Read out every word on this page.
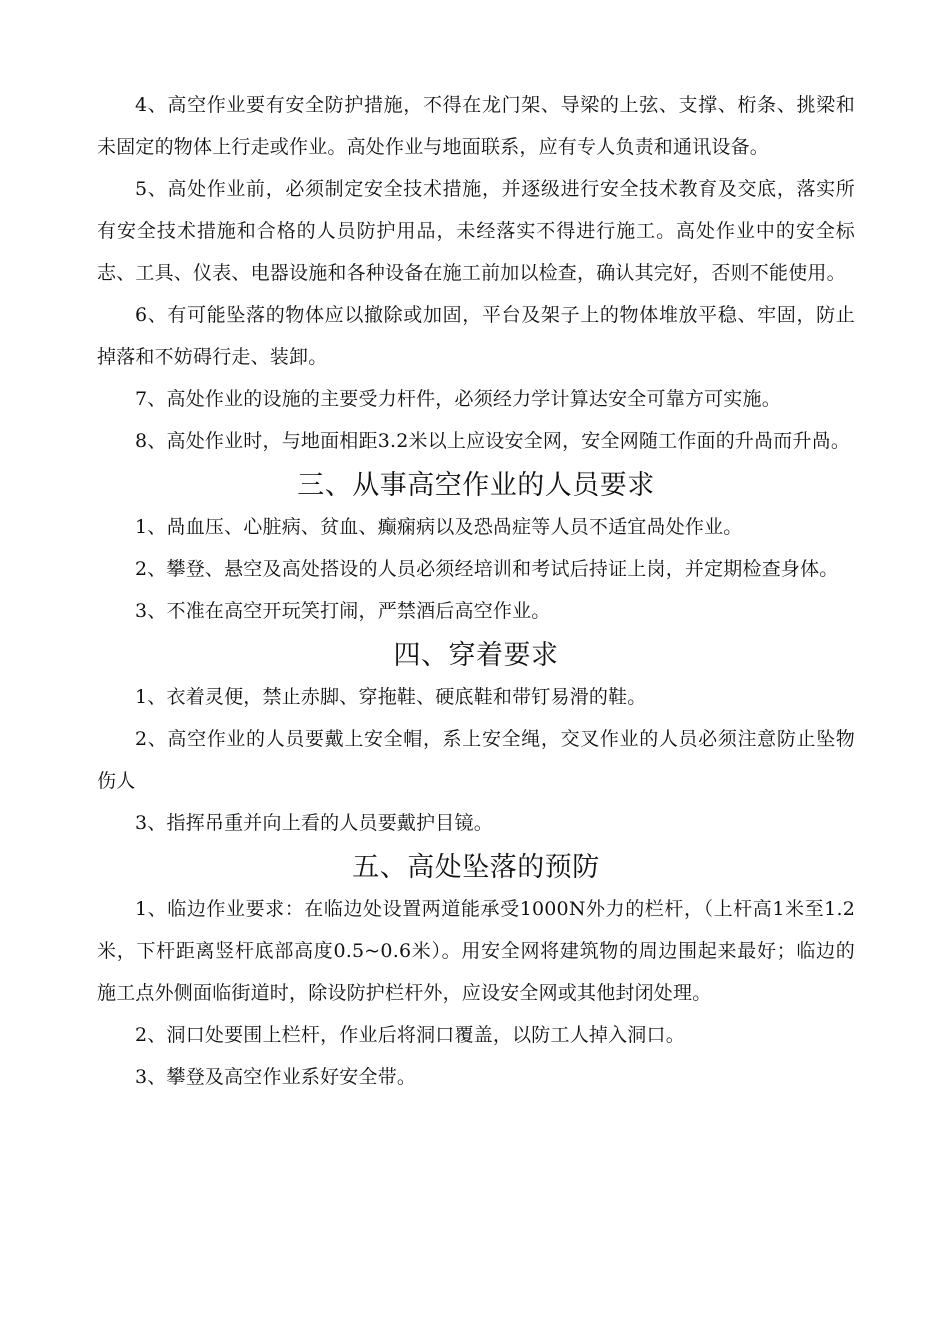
4、高空作业要有安全防护措施，不得在龙门架、导梁的上弦、支撑、桁条、挑梁和未固定的物体上行走或作业。高处作业与地面联系，应有专人负责和通讯设备。

5、高处作业前，必须制定安全技术措施，并逐级进行安全技术教育及交底，落实所有安全技术措施和合格的人员防护用品，未经落实不得进行施工。高处作业中的安全标志、工具、仪表、电器设施和各种设备在施工前加以检查，确认其完好，否则不能使用。

6、有可能坠落的物体应以撤除或加固，平台及架子上的物体堆放平稳、牢固，防止掉落和不妨碍行走、装卸。

7、高处作业的设施的主要受力杆件，必须经力学计算达安全可靠方可实施。

8、高处作业时，与地面相距3.2米以上应设安全网，安全网随工作面的升咼而升咼。

三、从事高空作业的人员要求

1、咼血压、心脏病、贫血、癫痫病以及恐咼症等人员不适宜咼处作业。

2、攀登、悬空及高处搭设的人员必须经培训和考试后持证上岗，并定期检查身体。

3、不准在高空开玩笑打闹，严禁酒后高空作业。

四、穿着要求

1、衣着灵便，禁止赤脚、穿拖鞋、硬底鞋和带钉易滑的鞋。

2、高空作业的人员要戴上安全帽，系上安全绳，交叉作业的人员必须注意防止坠物伤人

3、指挥吊重并向上看的人员要戴护目镜。

五、高处坠落的预防

1、临边作业要求：在临边处设置两道能承受1000N外力的栏杆，（上杆高1米至1.2米，下杆距离竖杆底部高度0.5~0.6米）。用安全网将建筑物的周边围起来最好；临边的施工点外侧面临街道时，除设防护栏杆外，应设安全网或其他封闭处理。

2、洞口处要围上栏杆，作业后将洞口覆盖，以防工人掉入洞口。

3、攀登及高空作业系好安全带。
